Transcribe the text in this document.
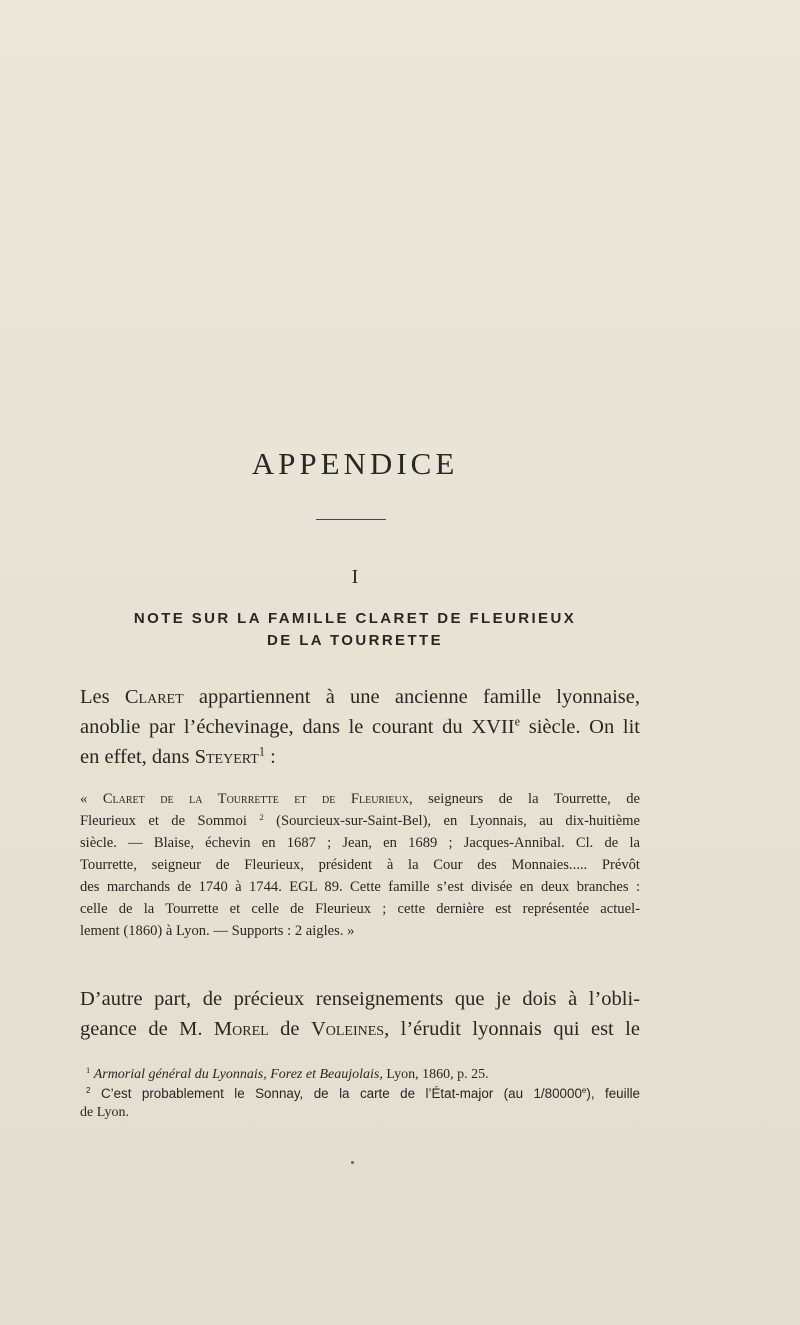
APPENDICE
I
NOTE SUR LA FAMILLE CLARET DE FLEURIEUX
DE LA TOURRETTE
Les Claret appartiennent à une ancienne famille lyonnaise,
anoblie par l’échevinage, dans le courant du XVIIe siècle. On lit
en effet, dans Steyert$^1$ :
« Claret de la Tourrette et de Fleurieux, seigneurs de la Tourrette, de
Fleurieux et de Sommoi $^2$ (Sourcieux-sur-Saint-Bel), en Lyonnais, au dix-huitième
siècle. — Blaise, échevin en 1687 ; Jean, en 1689 ; Jacques-Annibal. Cl. de la
Tourrette, seigneur de Fleurieux, président à la Cour des Monnaies..... Prévôt
des marchands de 1740 à 1744. EGL 89. Cette famille s’est divisée en deux branches :
celle de la Tourrette et celle de Fleurieux ; cette dernière est représentée actuel-
lement (1860) à Lyon. — Supports : 2 aigles. »
D’autre part, de précieux renseignements que je dois à l’obli-
geance de M. Morel de Voleines, l’érudit lyonnais qui est le
$^1$ Armorial général du Lyonnais, Forez et Beaujolais, Lyon, 1860, p. 25.
$^2$ C’est probablement le Sonnay, de la carte de l’État-major (au 1/80000e), feuille
de Lyon.
